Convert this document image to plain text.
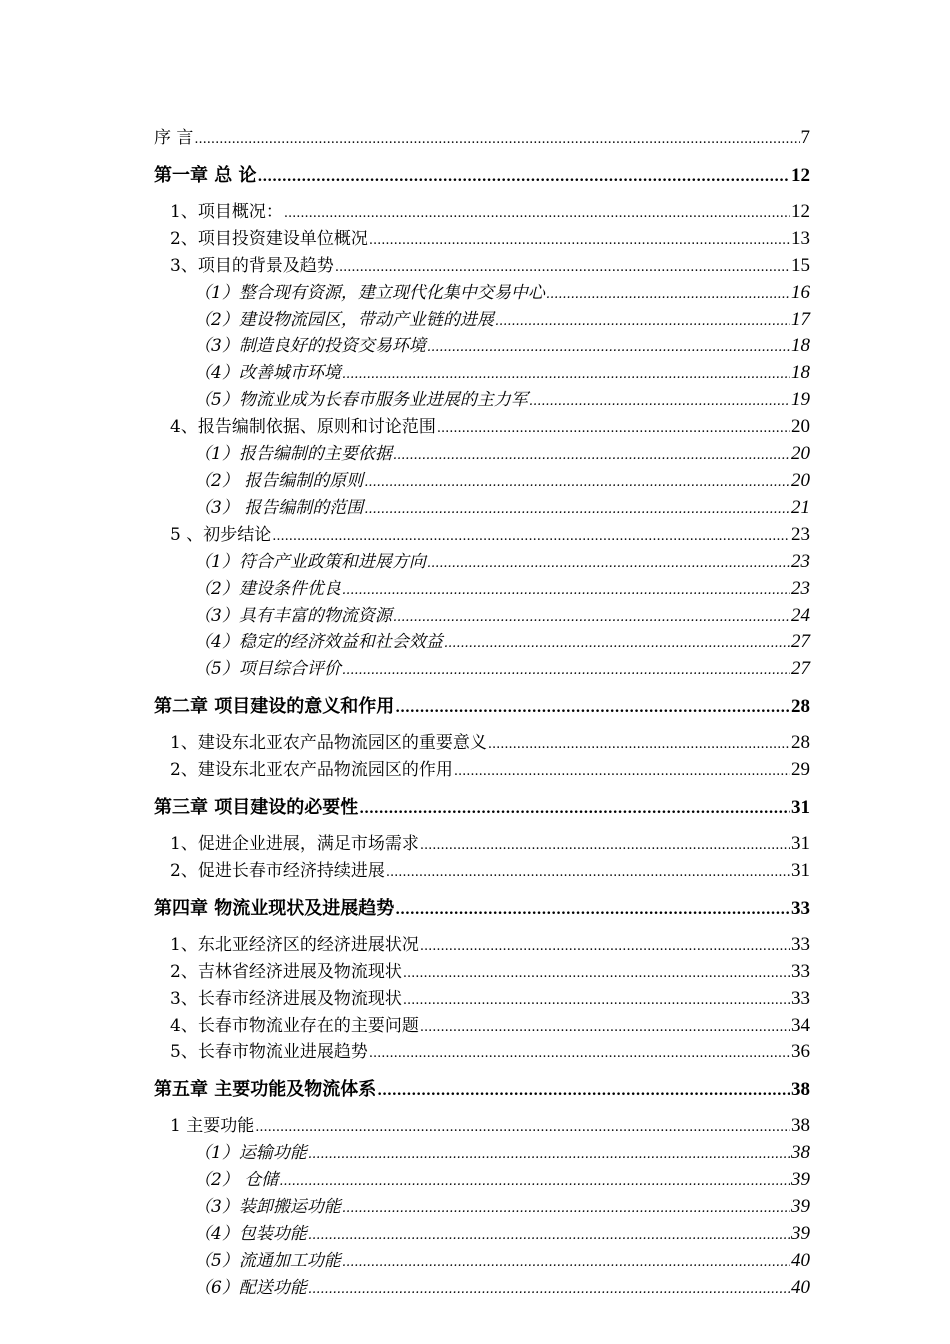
序 言 .....	7
第一章 总 论 .....	12
1、项目概况： .....	12
2、项目投资建设单位概况 .....	13
3、项目的背景及趋势 .....	15
（1）整合现有资源，建立现代化集中交易中心 .....	16
（2）建设物流园区，带动产业链的进展 .....	17
（3）制造良好的投资交易环境 .....	18
（4）改善城市环境 .....	18
（5）物流业成为长春市服务业进展的主力军 .....	19
4、报告编制依据、原则和讨论范围 .....	20
（1）报告编制的主要依据 .....	20
（2） 报告编制的原则 .....	20
（3） 报告编制的范围 .....	21
5 、初步结论 .....	23
（1）符合产业政策和进展方向 .....	23
（2）建设条件优良 .....	23
（3）具有丰富的物流资源 .....	24
（4）稳定的经济效益和社会效益 .....	27
（5）项目综合评价 .....	27
第二章 项目建设的意义和作用 .....	28
1、建设东北亚农产品物流园区的重要意义 .....	28
2、建设东北亚农产品物流园区的作用 .....	29
第三章 项目建设的必要性 .....	31
1、促进企业进展，满足市场需求 .....	31
2、促进长春市经济持续进展 .....	31
第四章 物流业现状及进展趋势 .....	33
1、东北亚经济区的经济进展状况 .....	33
2、吉林省经济进展及物流现状 .....	33
3、长春市经济进展及物流现状 .....	33
4、长春市物流业存在的主要问题 .....	34
5、长春市物流业进展趋势 .....	36
第五章 主要功能及物流体系 .....	38
1 主要功能 .....	38
（1）运输功能 .....	38
（2） 仓储 .....	39
（3）装卸搬运功能 .....	39
（4）包装功能 .....	39
（5）流通加工功能 .....	40
（6）配送功能 .....	40
